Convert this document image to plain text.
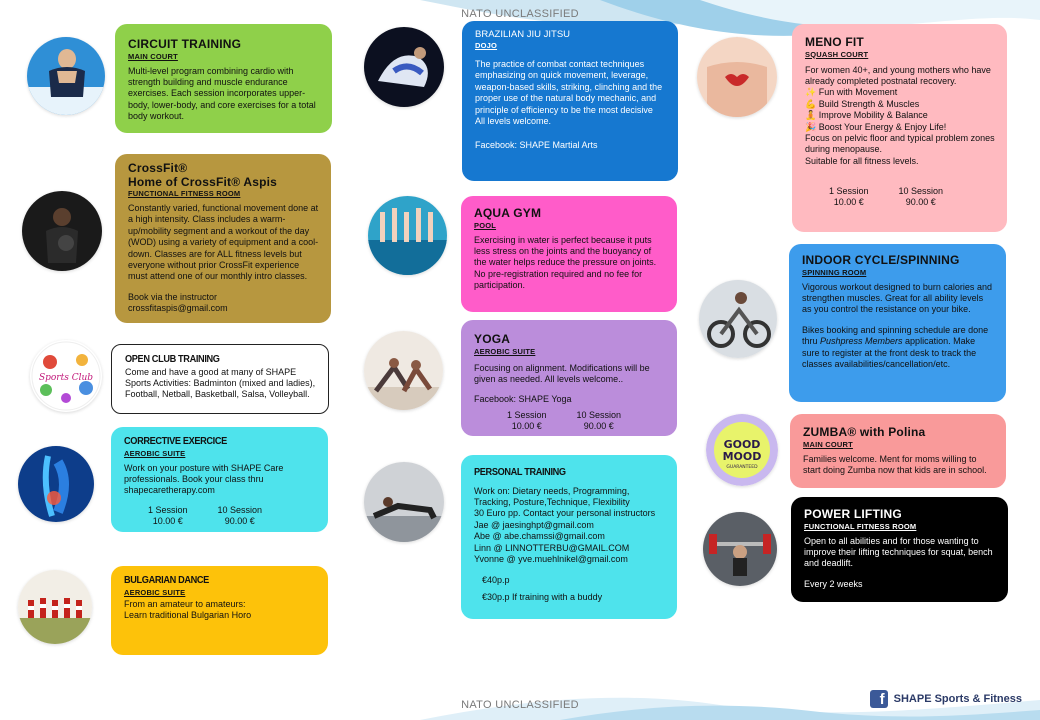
NATO UNCLASSIFIED
NATO UNCLASSIFIED
CIRCUIT TRAINING
MAIN COURT
Multi-level program combining cardio with strength building and muscle endurance exercises. Each session incorporates upper-body, lower-body, and core exercises for a total body workout.
CrossFit®
Home of CrossFit® Aspis
FUNCTIONAL FITNESS ROOM
Constantly varied, functional movement done at a high intensity. Class includes a warm-up/mobility segment and a workout of the day (WOD) using a variety of equipment and a cool-down. Classes are for ALL fitness levels but everyone without prior CrossFit experience must attend one of our monthly intro classes.
Book via the instructor
crossfitaspis@gmail.com
Sports Club
OPEN CLUB TRAINING
Come and have a good at many of SHAPE Sports Activities: Badminton (mixed and ladies), Football, Netball, Basketball, Salsa, Volleyball.
CORRECTIVE EXERCICE
AEROBIC SUITE
Work on your posture with SHAPE Care professionals. Book your class thru shapecaretherapy.com
1 Session
10.00 €
10 Session
90.00 €
BULGARIAN DANCE
AEROBIC SUITE
From an amateur to amateurs:
Learn traditional Bulgarian Horo
BRAZILIAN JIU JITSU
DOJO
The practice of combat contact techniques emphasizing on quick movement, leverage, weapon-based skills, striking, clinching and the proper use of the natural body mechanic, and principle of efficiency to be the most decisive
All levels welcome.
Facebook: SHAPE Martial Arts
AQUA GYM
POOL
Exercising in water is perfect because it puts less stress on the joints and the buoyancy of the water helps reduce the pressure on joints.
No pre-registration required and no fee for participation.
YOGA
AEROBIC SUITE
Focusing on alignment. Modifications will be given as needed. All levels welcome..
Facebook: SHAPE Yoga
1 Session
10.00 €
10 Session
90.00 €
PERSONAL TRAINING
Work on: Dietary needs, Programming, Tracking, Posture,Technique, Flexibility
30 Euro pp. Contact your personal instructors
Jae @ jaesinghpt@gmail.com
Abe @ abe.chamssi@gmail.com
Linn @ LINNOTTERBU@GMAIL.COM
Yvonne @ yve.muehlnikel@gmail.com
€40p.p
€30p.p If training with a buddy
MENO FIT
SQUASH COURT
For women 40+, and young mothers who have already completed postnatal recovery.
✨ Fun with Movement
💪 Build Strength & Muscles
🧘 Improve Mobility & Balance
🎉 Boost Your Energy & Enjoy Life!
Focus on pelvic floor and typical problem zones during menopause.
Suitable for all fitness levels.
1 Session
10.00 €
10 Session
90.00 €
INDOOR CYCLE/SPINNING
SPINNING ROOM
Vigorous workout designed to burn calories and strengthen muscles. Great for all ability levels as you control the resistance on your bike.
Bikes booking and spinning schedule are done thru Pushpress Members application. Make sure to register at the front desk to track the classes availabilities/cancellation/etc.
GOOD
MOOD
GUARANTEED
ZUMBA® with Polina
MAIN COURT
Families welcome. Ment for moms willing to start doing Zumba now that kids are in school.
POWER LIFTING
FUNCTIONAL FITNESS ROOM
Open to all abilities and for those wanting to improve their lifting techniques for squat, bench and deadlift.
Every 2 weeks
f SHAPE Sports & Fitness
